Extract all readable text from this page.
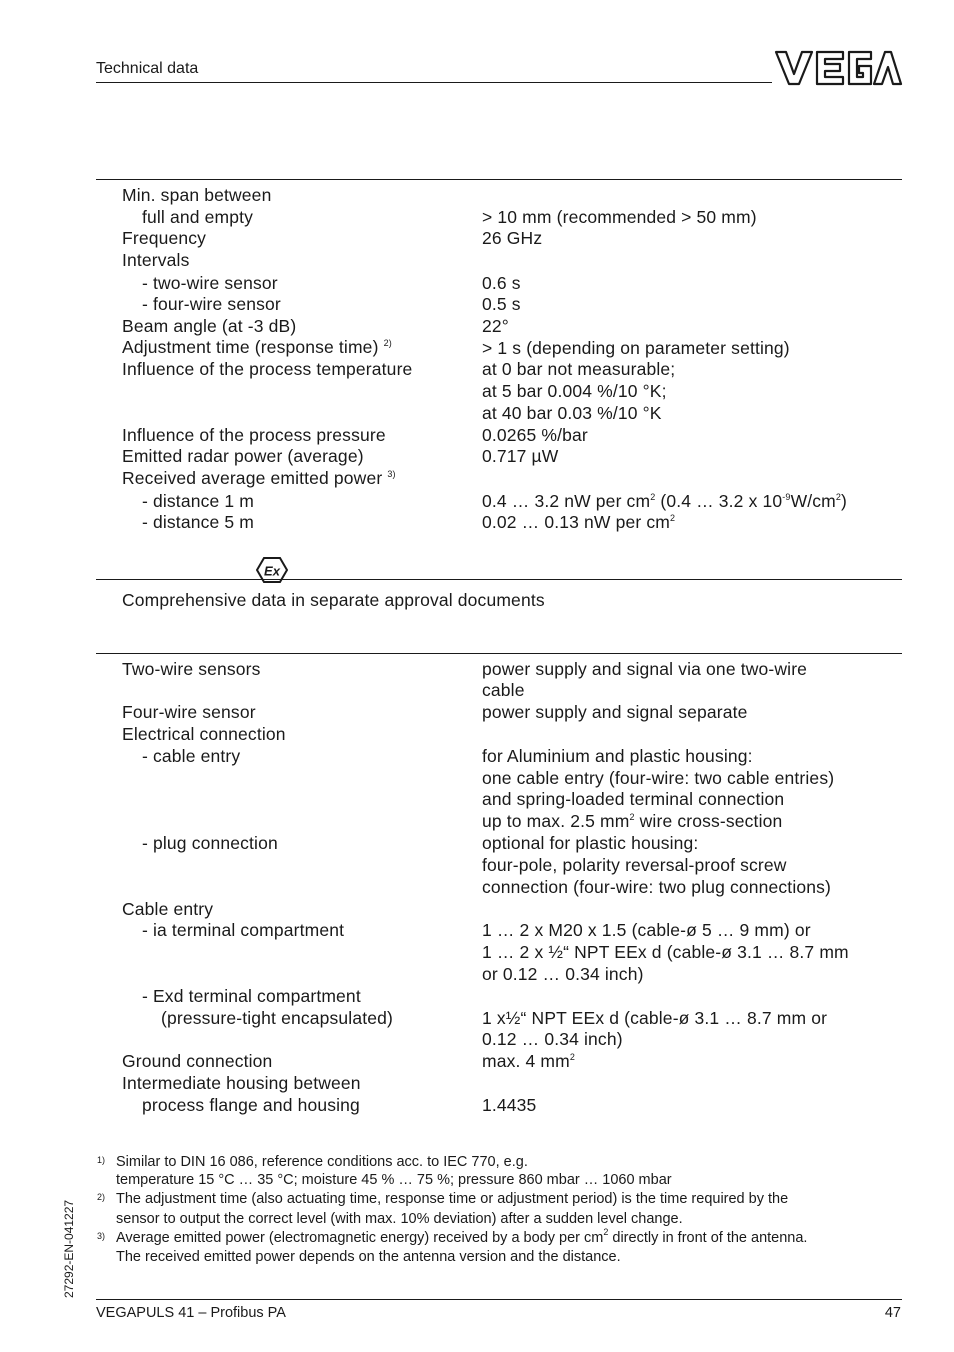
Technical data
Min. span between
full and empty	> 10 mm (recommended > 50 mm)
Frequency	26 GHz
Intervals
- two-wire sensor	0.6 s
- four-wire sensor	0.5 s
Beam angle (at -3 dB)	22°
Adjustment time (response time) $^{2)}$	> 1 s (depending on parameter setting)
Influence of the process temperature	at 0 bar not measurable;
at 5 bar 0.004 %/10 °K;
at 40 bar 0.03 %/10 °K
Influence of the process pressure	0.0265 %/bar
Emitted radar power (average)	0.717 µW
Received average emitted power $^{3)}$
- distance 1 m	0.4 … 3.2 nW per $cm^2$ (0.4 … 3.2 x $10^{-9}W/cm^2$)
- distance 5 m	0.02 … 0.13 nW per $cm^2$
Ex
Comprehensive data in separate approval documents
Two-wire sensors	power supply and signal via one two-wire
cable
Four-wire sensor	power supply and signal separate
Electrical connection
- cable entry	for Aluminium and plastic housing:
one cable entry (four-wire: two cable entries)
and spring-loaded terminal connection
up to max. 2.5 $mm^2$ wire cross-section
- plug connection	optional for plastic housing:
four-pole, polarity reversal-proof screw
connection (four-wire: two plug connections)
Cable entry
- ia terminal compartment	1 … 2 x M20 x 1.5 (cable-ø 5 … 9 mm) or
1 … 2 x ½“ NPT EEx d (cable-ø 3.1 … 8.7 mm
or 0.12 … 0.34 inch)
- Exd terminal compartment
(pressure-tight encapsulated)	1 x½“ NPT EEx d (cable-ø 3.1 … 8.7 mm or
0.12 … 0.34 inch)
Ground connection	max. 4 $mm^2$
Intermediate housing between
process flange and housing	1.4435
1) Similar to DIN 16 086, reference conditions acc. to IEC 770, e.g.
temperature 15 °C … 35 °C; moisture 45 % … 75 %; pressure 860 mbar … 1060 mbar
2) The adjustment time (also actuating time, response time or adjustment period) is the time required by the
sensor to output the correct level (with max. 10% deviation) after a sudden level change.
3) Average emitted power (electromagnetic energy) received by a body per $cm^2$ directly in front of the antenna.
The received emitted power depends on the antenna version and the distance.
27292-EN-041227
VEGAPULS 41 – Profibus PA	47
